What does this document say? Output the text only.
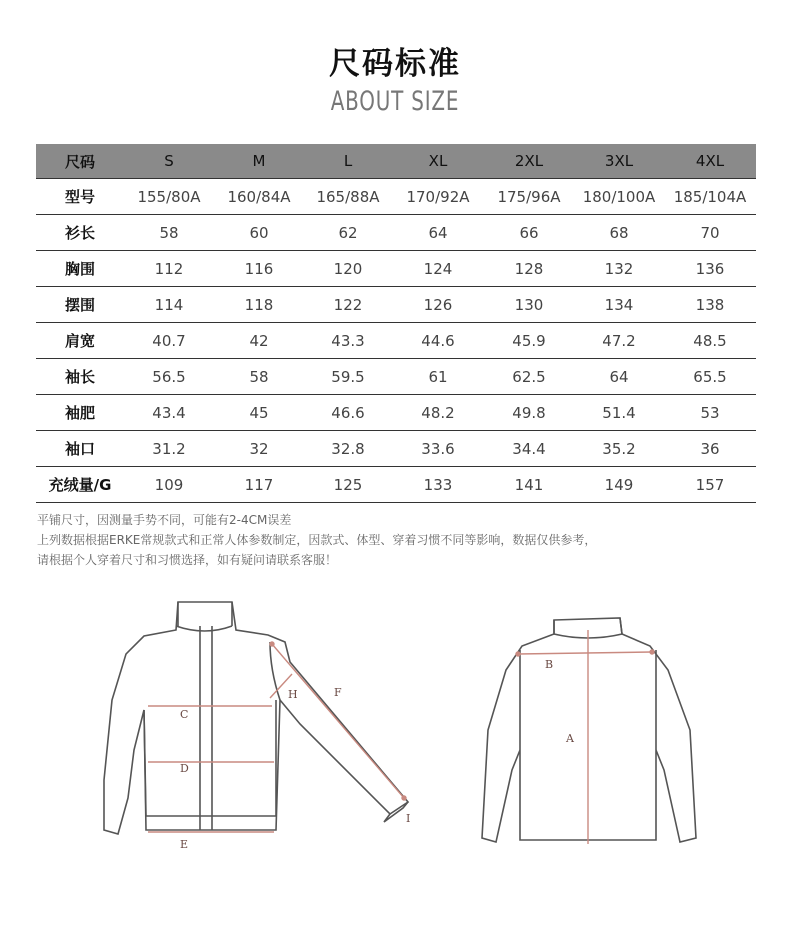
尺码标准
ABOUT SIZE
尺码	S	M	L	XL	2XL	3XL	4XL
型号	155/80A	160/84A	165/88A	170/92A	175/96A	180/100A	185/104A
衫长	58	60	62	64	66	68	70
胸围	112	116	120	124	128	132	136
摆围	114	118	122	126	130	134	138
肩宽	40.7	42	43.3	44.6	45.9	47.2	48.5
袖长	56.5	58	59.5	61	62.5	64	65.5
袖肥	43.4	45	46.6	48.2	49.8	51.4	53
袖口	31.2	32	32.8	33.6	34.4	35.2	36
充绒量/G	109	117	125	133	141	149	157
平铺尺寸，因测量手势不同，可能有2-4CM误差
上列数据根据ERKE常规款式和正常人体参数制定，因款式、体型、穿着习惯不同等影响，数据仅供参考，
请根据个人穿着尺寸和习惯选择，如有疑问请联系客服！
C
D
E
H	F
I
B
A
